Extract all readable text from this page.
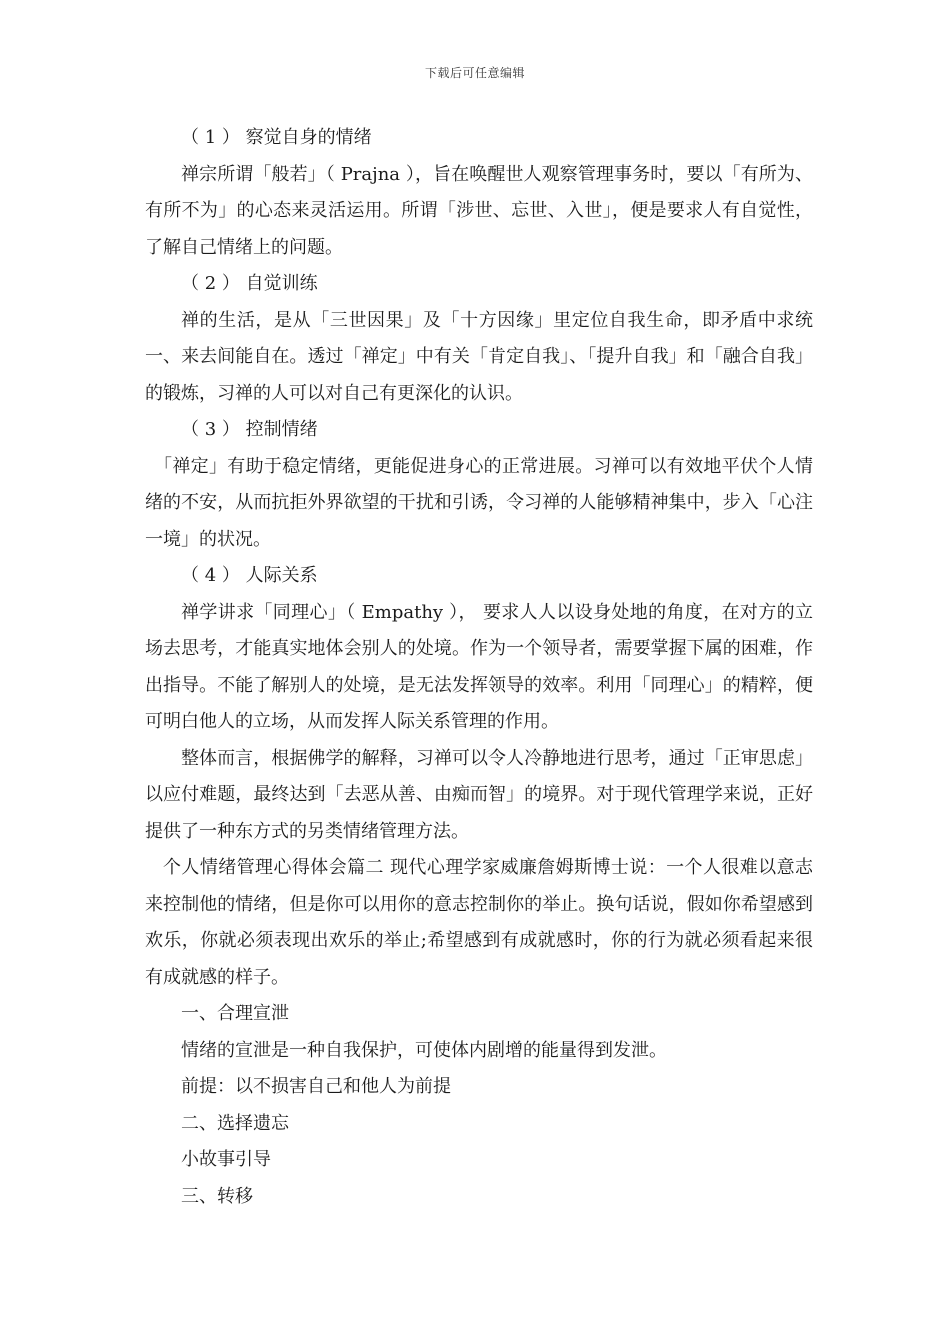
下载后可任意编辑
（ 1 ） 察觉自身的情绪

禅宗所谓「般若」（ Prajna ），旨在唤醒世人观察管理事务时，要以「有所为、有所不为」的心态来灵活运用。所谓「涉世、忘世、入世」，便是要求人有自觉性，了解自己情绪上的问题。

（ 2 ） 自觉训练

禅的生活，是从「三世因果」及「十方因缘」里定位自我生命，即矛盾中求统一、来去间能自在。透过「禅定」中有关「肯定自我」、「提升自我」和「融合自我」的锻炼，习禅的人可以对自己有更深化的认识。

（ 3 ） 控制情绪

「禅定」有助于稳定情绪，更能促进身心的正常进展。习禅可以有效地平伏个人情绪的不安，从而抗拒外界欲望的干扰和引诱，令习禅的人能够精神集中，步入「心注一境」的状况。

（ 4 ） 人际关系

禅学讲求「同理心」（ Empathy ）， 要求人人以设身处地的角度，在对方的立场去思考，才能真实地体会别人的处境。作为一个领导者，需要掌握下属的困难，作出指导。不能了解别人的处境，是无法发挥领导的效率。利用「同理心」的精粹，便可明白他人的立场，从而发挥人际关系管理的作用。

整体而言，根据佛学的解释，习禅可以令人冷静地进行思考，通过「正审思虑」以应付难题，最终达到「去恶从善、由痴而智」的境界。对于现代管理学来说，正好提供了一种东方式的另类情绪管理方法。

个人情绪管理心得体会篇二 现代心理学家威廉詹姆斯博士说：一个人很难以意志来控制他的情绪，但是你可以用你的意志控制你的举止。换句话说，假如你希望感到欢乐，你就必须表现出欢乐的举止;希望感到有成就感时，你的行为就必须看起来很有成就感的样子。

一、合理宣泄
情绪的宣泄是一种自我保护，可使体内剧增的能量得到发泄。
前提：以不损害自己和他人为前提
二、选择遗忘
小故事引导
三、转移
